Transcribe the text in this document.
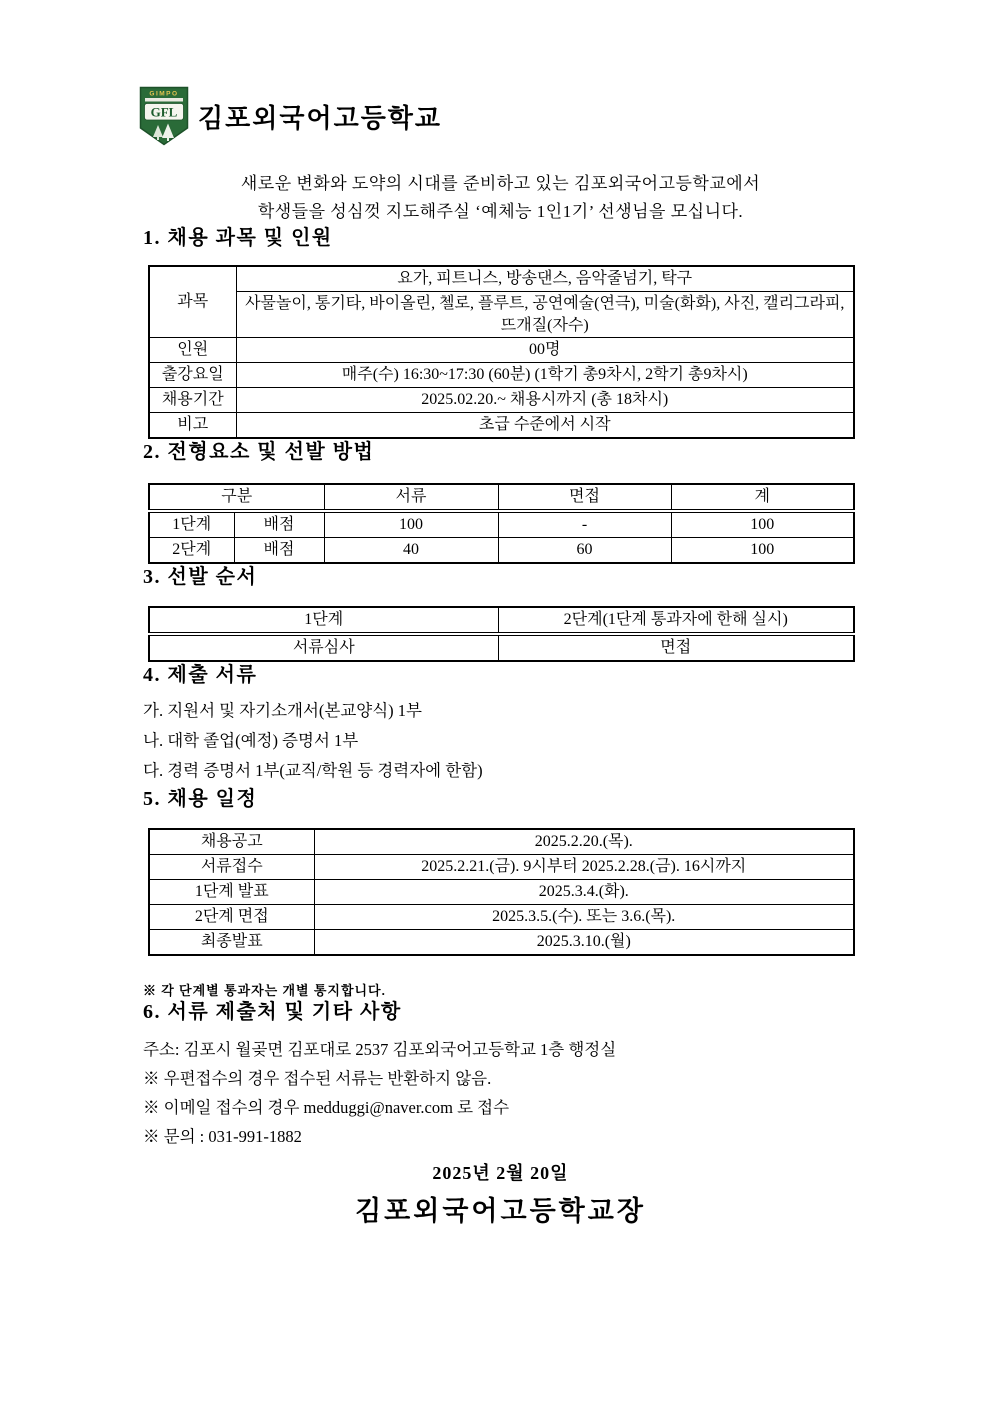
GIMPO
GFL 김포외국어고등학교

새로운 변화와 도약의 시대를 준비하고 있는 김포외국어고등학교에서

학생들을 성심껏 지도해주실 ‘예체능 1인1기’ 선생님을 모십니다.

1. 채용 과목 및 인원
과목	요가, 피트니스, 방송댄스, 음악줄넘기, 탁구
	사물놀이, 통기타, 바이올린, 첼로, 플루트, 공연예술(연극), 미술(화화), 사진, 캘리그라피, 뜨개질(자수)
인원	00명
출강요일	매주(수) 16:30~17:30 (60분) (1학기 총9차시, 2학기 총9차시)
채용기간	2025.02.20.~ 채용시까지 (총 18차시)
비고	초급 수준에서 시작
2. 전형요소 및 선발 방법
구분		서류	면접	계
1단계	배점	100	-	100
2단계	배점	40	60	100
3. 선발 순서
1단계	2단계(1단계 통과자에 한해 실시)
서류심사	면접
4. 제출 서류
가. 지원서 및 자기소개서(본교양식) 1부
나. 대학 졸업(예정) 증명서 1부
다. 경력 증명서 1부(교직/학원 등 경력자에 한함)
5. 채용 일정
채용공고	2025.2.20.(목).
서류접수	2025.2.21.(금). 9시부터 2025.2.28.(금). 16시까지
1단계 발표	2025.3.4.(화).
2단계 면접	2025.3.5.(수). 또는 3.6.(목).
최종발표	2025.3.10.(월)
※ 각 단계별 통과자는 개별 통지합니다.
6. 서류 제출처 및 기타 사항
주소: 김포시 월곶면 김포대로 2537 김포외국어고등학교 1층 행정실
※ 우편접수의 경우 접수된 서류는 반환하지 않음.
※ 이메일 접수의 경우 medduggi@naver.com 로 접수
※ 문의 : 031-991-1882
2025년 2월 20일
김포외국어고등학교장
